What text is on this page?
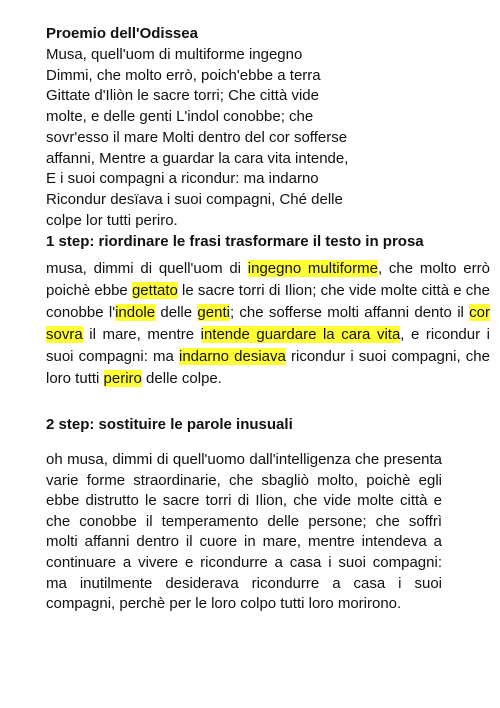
Proemio dell'Odissea
Musa, quell'uom di multiforme ingegno
Dimmi, che molto errò, poich'ebbe a terra
Gittate d'Iliòn le sacre torri; Che città vide
molte, e delle genti L'indol conobbe; che
sovr'esso il mare Molti dentro del cor sofferse
affanni, Mentre a guardar la cara vita intende,
E i suoi compagni a ricondur: ma indarno
Ricondur desïava i suoi compagni, Ché delle
colpe lor tutti periro.
1 step: riordinare le frasi trasformare il testo in prosa
musa, dimmi di quell'uom di ingegno multiforme, che molto errò poichè ebbe gettato le sacre torri di Ilion; che vide molte città e che conobbe l'indole delle genti; che sofferse molti affanni dento il cor sovra il mare, mentre intende guardare la cara vita, e ricondur i suoi compagni: ma indarno desiava ricondur i suoi compagni, che loro tutti periro delle colpe.
2 step: sostituire le parole inusuali
oh musa, dimmi di quell'uomo dall'intelligenza che presenta varie forme straordinarie, che sbagliò molto, poichè egli ebbe distrutto le sacre torri di Ilion, che vide molte città e che conobbe il temperamento delle persone; che soffrì molti affanni dentro il cuore in mare, mentre intendeva a continuare a vivere e ricondurre a casa i suoi compagni: ma inutilmente desiderava ricondurre a casa i suoi compagni, perchè per le loro colpo tutti loro morirono.
